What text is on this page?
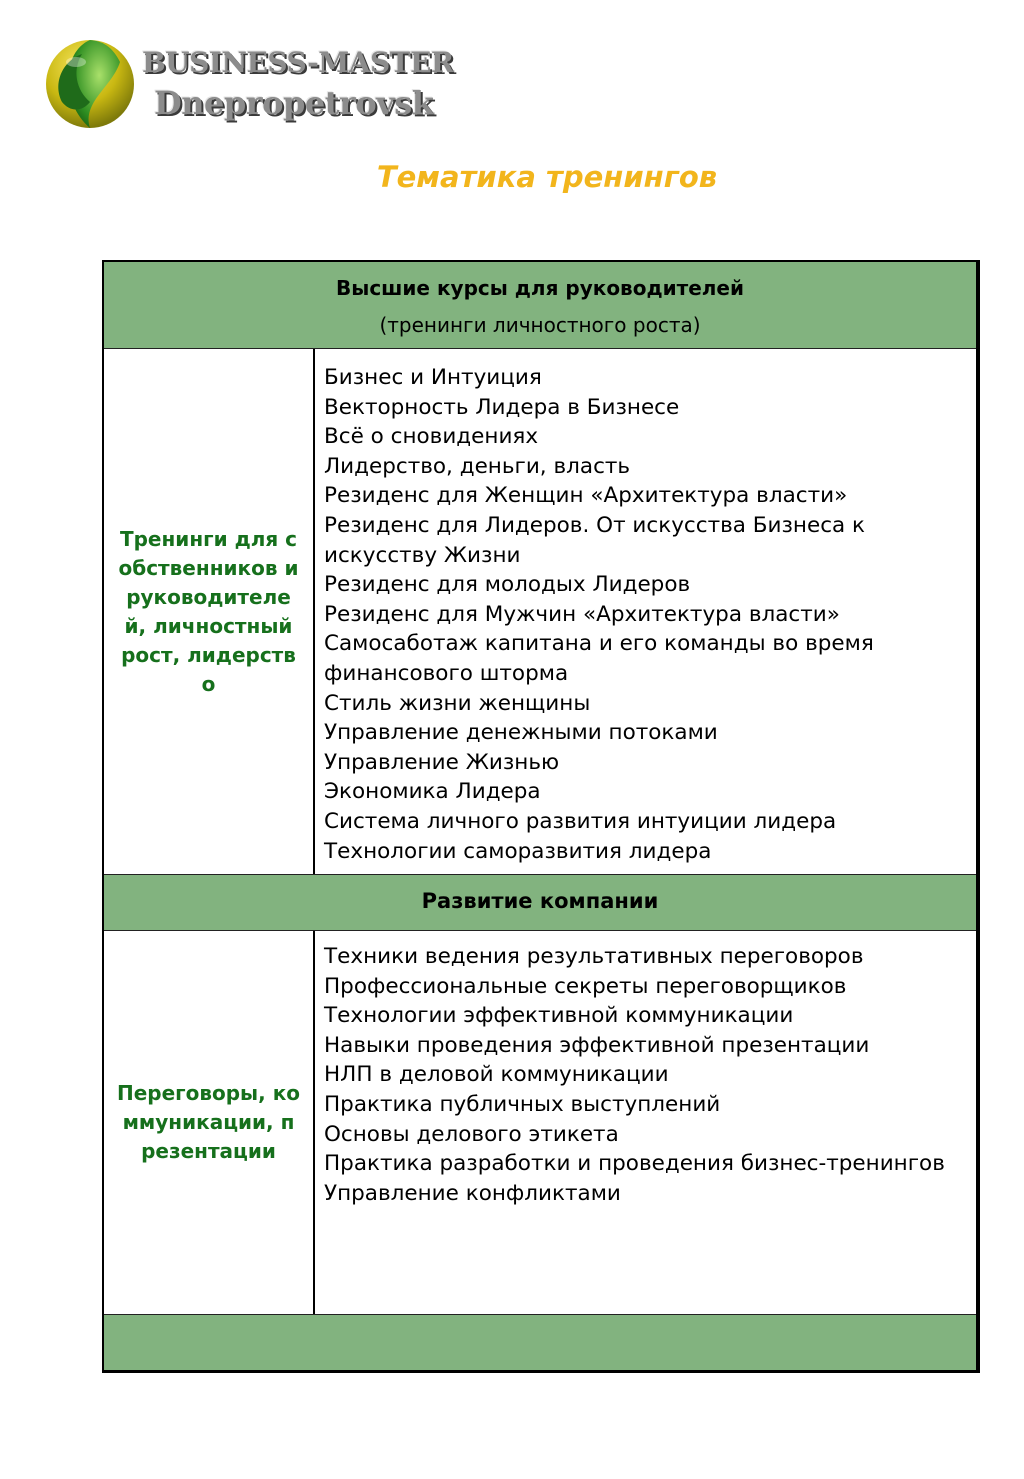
BUSINESS-MASTER
Dnepropetrovsk
Тематика тренингов
Высшие курсы для руководителей
(тренинги личностного роста)
Тренинги для собственников и руководителей, личностный рост, лидерство
Бизнес и Интуиция
Векторность Лидера в Бизнесе
Всё о сновидениях
Лидерство, деньги, власть
Резиденс для Женщин «Архитектура власти»
Резиденс для Лидеров. От искусства Бизнеса к искусству Жизни
Резиденс для молодых Лидеров
Резиденс для Мужчин «Архитектура власти»
Самосаботаж капитана и его команды во время финансового шторма
Стиль жизни женщины
Управление денежными потоками
Управление Жизнью
Экономика Лидера
Система личного развития интуиции лидера
Технологии саморазвития лидера
Развитие компании
Переговоры, коммуникации, презентации
Техники ведения результативных переговоров
Профессиональные секреты переговорщиков
Технологии эффективной коммуникации
Навыки проведения эффективной презентации
НЛП в деловой коммуникации
Практика публичных выступлений
Основы делового этикета
Практика разработки и проведения бизнес-тренингов
Управление конфликтами
